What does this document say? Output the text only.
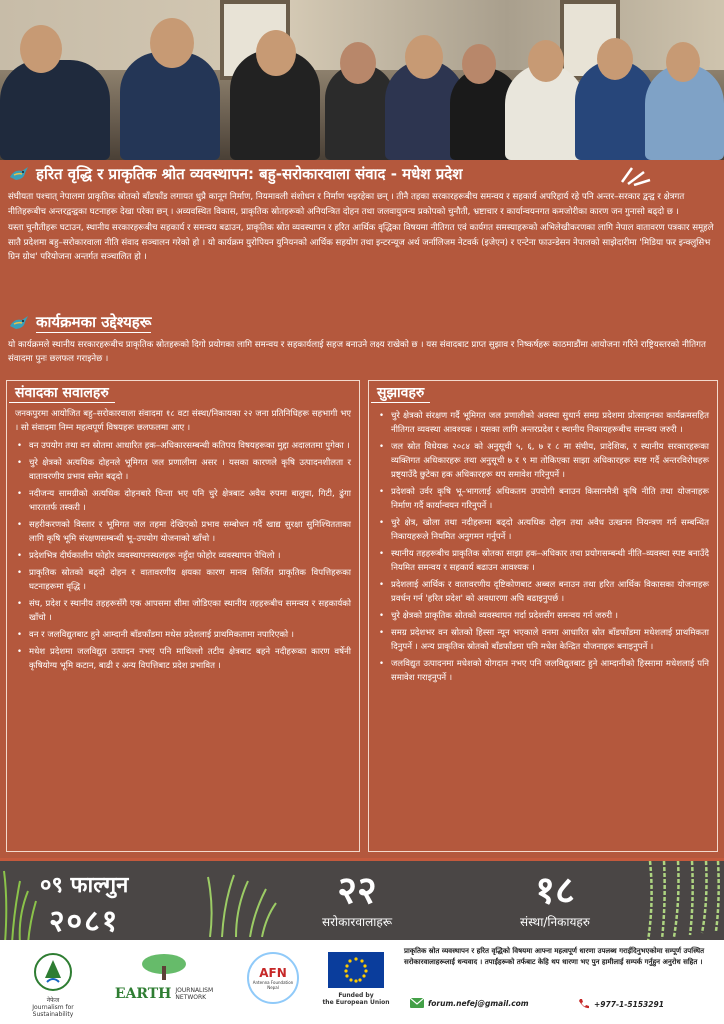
हरित वृद्धि र प्राकृतिक श्रोत व्यवस्थापन: बहु-सरोकारवाला संवाद - मधेश प्रदेश

संघीयता पश्चात् नेपालमा प्राकृतिक स्रोतको बाँडफाँड लगायत धुप्रै कानून निर्माण, नियमावली संशोधन र निर्माण भइरहेका छन् । तीनै तहका सरकारहरूबीच समन्वय र सहकार्य अपरिहार्य रहे पनि अन्तर–सरकार द्वन्द्व र क्षेत्रगत नीतिहरूबीच अन्तरद्वन्द्वका घटनाहरू देखा परेका छन् । अव्यवस्थित विकास, प्राकृतिक स्रोतहरूको अनियन्त्रित दोहन तथा जलवायुजन्य प्रकोपको चुनौती, भ्रष्टाचार र कार्यान्वयनगत कमजोरीका कारण जन गुनासो बढ्दो छ ।

यस्ता चुनौतीहरू घटाउन, स्थानीय सरकारहरूबीच सहकार्य र समन्वय बढाउन, प्राकृतिक स्रोत व्यवस्थापन र हरित आर्थिक वृद्धिका विषयमा नीतिगत एवं कार्यगत समस्याहरूको अभिलेखीकरणका लागि नेपाल वातावरण पत्रकार समूहले सातै प्रदेशमा बहु–सरोकारवाला नीति संवाद सञ्चालन गरेको हो । यो कार्यक्रम युरोपियन युनियनको आर्थिक सहयोग तथा इन्टरन्यूज अर्थ जर्नालिजम नेटवर्क (इजेएन) र एन्टेना फाउन्डेसन नेपालको साझेदारीमा 'मिडिया फर इन्क्लुसिभ ग्रिन ग्रोथ' परियोजना अन्तर्गत सञ्चालित हो ।

कार्यक्रमका उद्देश्यहरू
यो कार्यक्रमले स्थानीय सरकारहरूबीच प्राकृतिक स्रोतहरूको दिगो प्रयोगका लागि समन्वय र सहकार्यलाई सहज बनाउने लक्ष्य राखेको छ । यस संवादबाट प्राप्त सुझाव र निष्कर्षहरू काठमाडौंमा आयोजना गरिने राष्ट्रियस्तरको नीतिगत संवादमा पुनः छलफल गराइनेछ ।
संवादका सवालहरु
जनकपुरमा आयोजित बहु–सरोकारवाला संवादमा १८ वटा संस्था/निकायका २२ जना प्रतिनिधिहरू सहभागी भए । सो संवादमा निम्न महत्वपूर्ण विषयहरू छलफलमा आए ।
• वन उपयोग तथा वन स्रोतमा आधारित हक–अधिकारसम्बन्धी कतिपय विषयहरूका मुद्दा अदालतमा पुगेका ।
• चुरे क्षेत्रको अत्यधिक दोहनले भूमिगत जल प्रणालीमा असर । यसका कारणले कृषि उत्पादनशीलता र वातावरणीय प्रभाव समेत बढ्दो ।
• नदीजन्य सामग्रीको अत्यधिक दोहनबारे चिन्ता भए पनि चुरे क्षेत्रबाट अवैध रुपमा बालुवा, गिटी, ढुंगा भारततर्फ तस्करी ।
• सहरीकरणको विस्तार र भूमिगत जल तहमा देखिएको प्रभाव सम्बोधन गर्दै खाद्य सुरक्षा सुनिश्चितताका लागि कृषि भूमि संरक्षणसम्बन्धी भू–उपयोग योजनाको खाँचो ।
• प्रदेशभित्र दीर्घकालीन फोहोर व्यवस्थापनस्थलहरू नहुँदा फोहोर व्यवस्थापन पेचिलो ।
• प्राकृतिक स्रोतको बढ्दो दोहन र वातावरणीय क्षयका कारण मानव सिर्जित प्राकृतिक विपत्तिहरूका घटनाहरूमा वृद्धि ।
• संघ, प्रदेश र स्थानीय तहहरूसँगै एक आपसमा सीमा जोडिएका स्थानीय तहहरूबीच समन्वय र सहकार्यको खाँचो ।
• वन र जलविद्युतबाट हुने आम्दानी बाँडफाँडमा मधेस प्रदेशलाई प्राथमिकतामा नपारिएको ।
• मधेश प्रदेशमा जलविद्युत उत्पादन नभए पनि माथिल्लो तटीय क्षेत्रबाट बहने नदीहरूका कारण वर्षेनी कृषियोग्य भूमि कटान, बाढी र अन्य विपत्तिबाट प्रदेश प्रभावित ।
सुझावहरु
• चुरे क्षेत्रको संरक्षण गर्दै भूमिगत जल प्रणालीको अवस्था सुधार्न समग्र प्रदेशमा प्रोत्साहनका कार्यक्रमसहित नीतिगत व्यवस्था आवश्यक । यसका लागि अन्तरप्रदेश र स्थानीय निकायहरूबीच समन्वय जरुरी ।
• जल स्रोत विधेयक २०८४ को अनुसूची ५, ६, ७ र ८ मा संघीय, प्रादेशिक, र स्थानीय सरकारहरूका व्यक्तिगत अधिकारहरू तथा अनुसूची ७ र ९ मा तोकिएका साझा अधिकारहरू स्पष्ट गर्दै अन्तरविरोधहरू प्रष्ट्याउँदै छुटेका हक अधिकारहरू थप समावेश गरिनुपर्ने ।
• प्रदेशको उर्वर कृषि भू–भागलाई अधिकतम उपयोगी बनाउन किसानमैत्री कृषि नीति तथा योजनाहरू निर्माण गर्दै कार्यान्वयन गरिनुपर्ने ।
• चुरे क्षेत्र, खोला तथा नदीहरूमा बढ्दो अत्यधिक दोहन तथा अवैध उत्खनन नियन्त्रण गर्न सम्बन्धित निकायहरूले नियमित अनुगमन गर्नुपर्ने ।
• स्थानीय तहहरूबीच प्राकृतिक स्रोतका साझा हक–अधिकार तथा प्रयोगसम्बन्धी नीति–व्यवस्था स्पष्ट बनाउँदै नियमित समन्वय र सहकार्य बढाउन आवश्यक ।
• प्रदेशलाई आर्थिक र वातावरणीय दृष्टिकोणबाट अब्बल बनाउन तथा हरित आर्थिक विकासका योजनाहरू प्रवर्धन गर्न 'हरित प्रदेश' को अवधारणा अघि बढाइनुपर्छ ।
• चुरे क्षेत्रको प्राकृतिक स्रोतको व्यवस्थापन गर्दा प्रदेशसँग समन्वय गर्न जरुरी ।
• समग्र प्रदेशभर वन स्रोतको हिस्सा न्यून भएकाले वनमा आधारित स्रोत बाँडफाँडमा मधेशलाई प्राथमिकता दिनुपर्ने । अन्य प्राकृतिक स्रोतको बाँडफाँडमा पनि मधेश केन्द्रित योजनाहरू बनाइनुपर्ने ।
• जलविद्युत उत्पादनमा मधेशको योगदान नभए पनि जलविद्युतबाट हुने आम्दानीको हिस्सामा मधेशलाई पनि समावेश गराइनुपर्ने ।
०९ फाल्गुन
२०८१
२२
सरोकारवालाहरू
१८
संस्था/निकायहरु
नेफेज
Journalism for Sustainability
EARTH JOURNALISM
NETWORK
AFN
Antenna Foundation Nepal
Funded by
the European Union
प्राकृतिक स्रोत व्यवस्थापन र हरित वृद्धिको विषयमा आफ्ना महत्वपूर्ण धारणा उपलब्ध गराईदिनुभएकोमा सम्पूर्ण उपस्थित सरोकारवालाहरूलाई धन्यवाद । तपाईंहरूको तर्फबाट केहि थप धारणा भए पुन हामीलाई सम्पर्क गर्नुहुन अनुरोध सहित ।
forum.nefej@gmail.com	+977-1-5153291
